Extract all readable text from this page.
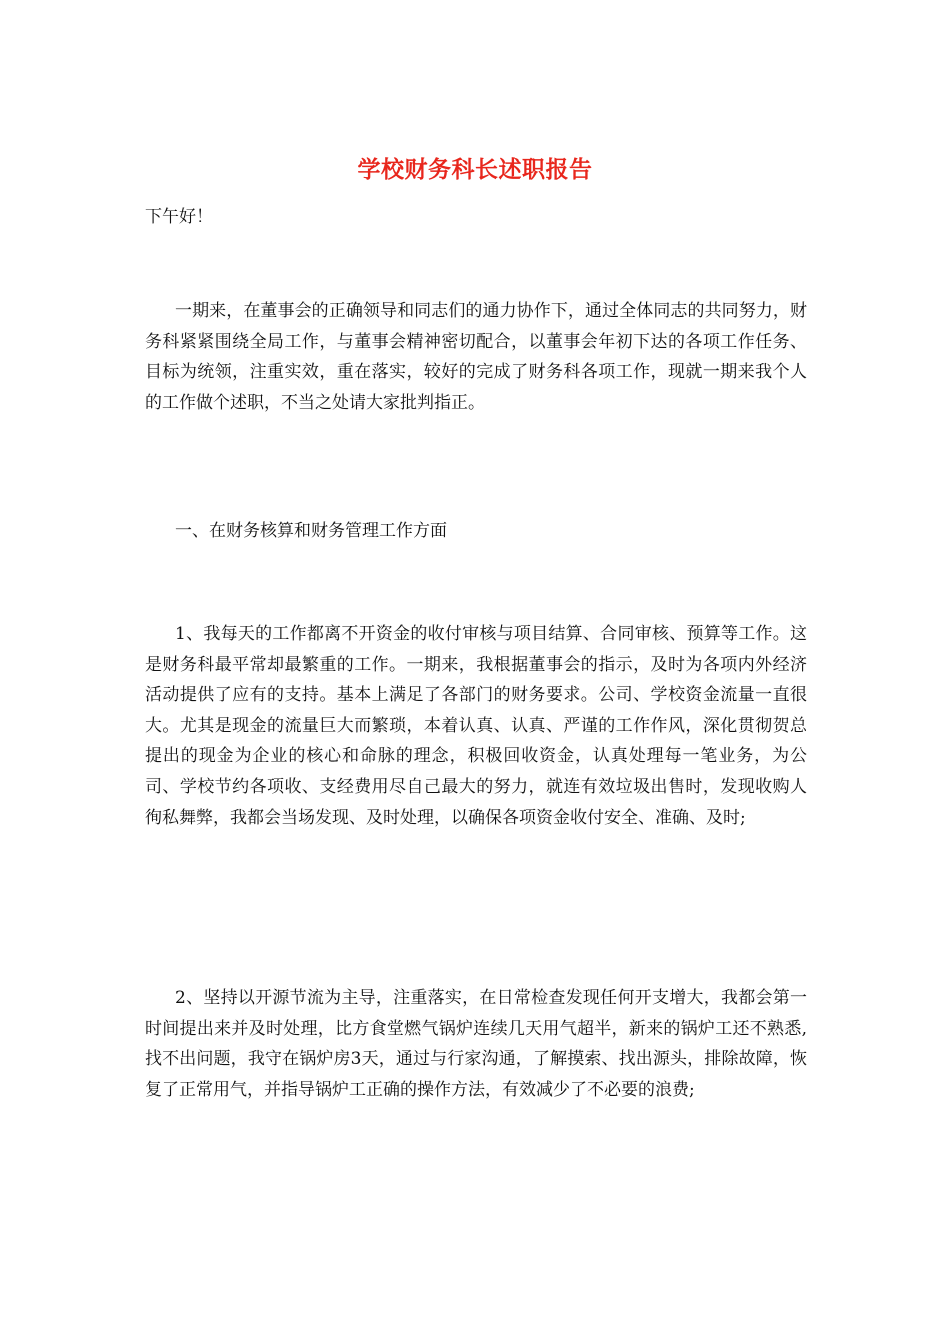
学校财务科长述职报告

下午好！

一期来，在董事会的正确领导和同志们的通力协作下，通过全体同志的共同努力，财务科紧紧围绕全局工作，与董事会精神密切配合，以董事会年初下达的各项工作任务、目标为统领，注重实效，重在落实，较好的完成了财务科各项工作，现就一期来我个人的工作做个述职，不当之处请大家批判指正。

一、在财务核算和财务管理工作方面

1、我每天的工作都离不开资金的收付审核与项目结算、合同审核、预算等工作。这是财务科最平常却最繁重的工作。一期来，我根据董事会的指示，及时为各项内外经济活动提供了应有的支持。基本上满足了各部门的财务要求。公司、学校资金流量一直很大。尤其是现金的流量巨大而繁琐，本着认真、认真、严谨的工作作风，深化贯彻贺总提出的现金为企业的核心和命脉的理念，积极回收资金，认真处理每一笔业务，为公司、学校节约各项收、支经费用尽自己最大的努力，就连有效垃圾出售时，发现收购人徇私舞弊，我都会当场发现、及时处理，以确保各项资金收付安全、准确、及时;

2、坚持以开源节流为主导，注重落实，在日常检查发现任何开支增大，我都会第一时间提出来并及时处理，比方食堂燃气锅炉连续几天用气超半，新来的锅炉工还不熟悉,找不出问题，我守在锅炉房3天，通过与行家沟通，了解摸索、找出源头，排除故障，恢复了正常用气，并指导锅炉工正确的操作方法，有效减少了不必要的浪费;
